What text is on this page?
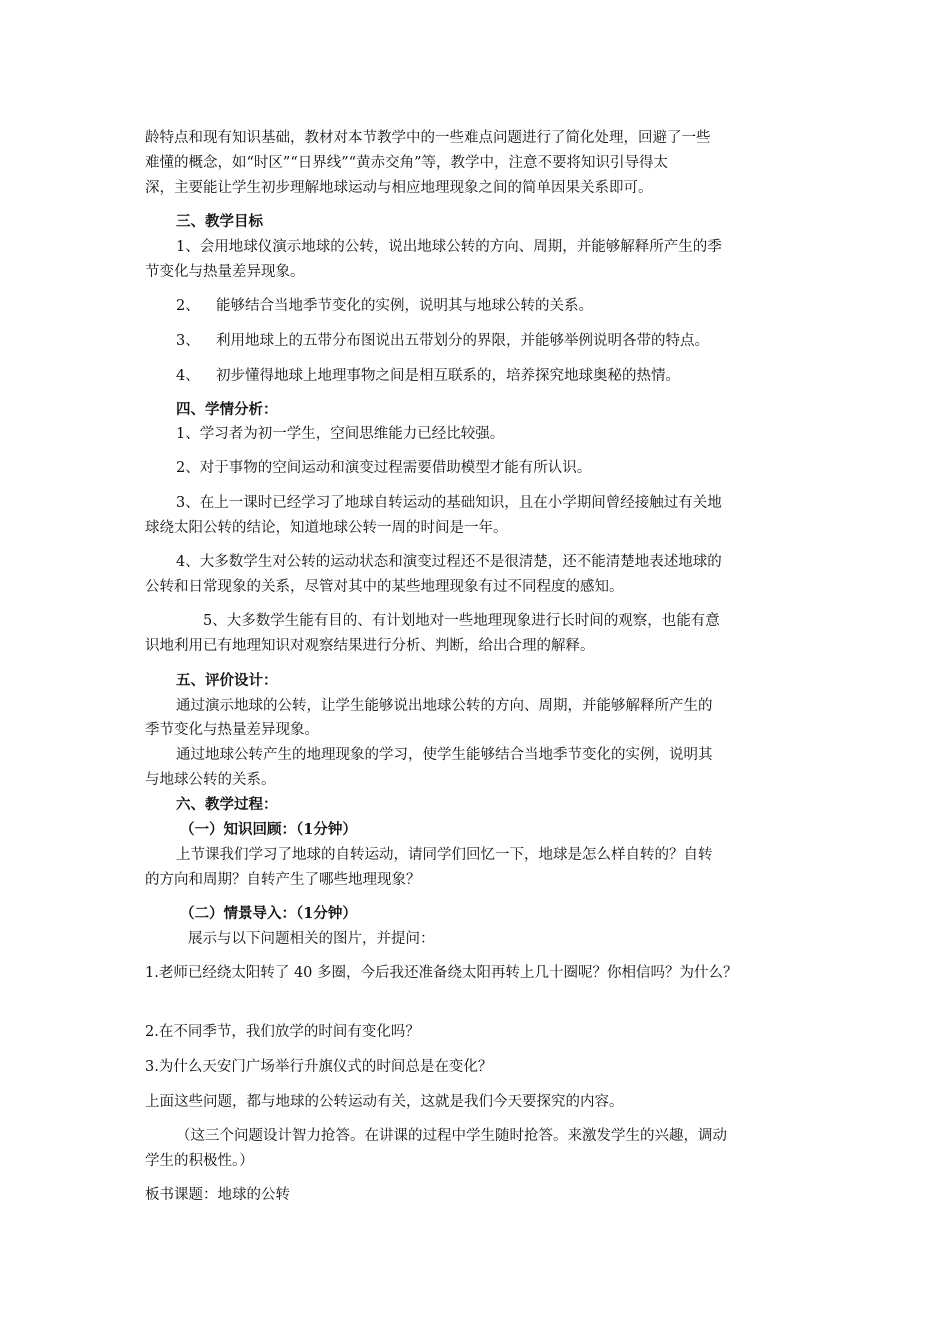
龄特点和现有知识基础，教材对本节教学中的一些难点问题进行了简化处理，回避了一些
难懂的概念，如“时区”“日界线”“黄赤交角”等，教学中，注意不要将知识引导得太
深，主要能让学生初步理解地球运动与相应地理现象之间的简单因果关系即可。
三、教学目标
1、会用地球仪演示地球的公转，说出地球公转的方向、周期，并能够解释所产生的季
节变化与热量差异现象。
2、 能够结合当地季节变化的实例，说明其与地球公转的关系。
3、 利用地球上的五带分布图说出五带划分的界限，并能够举例说明各带的特点。
4、 初步懂得地球上地理事物之间是相互联系的，培养探究地球奥秘的热情。
四、学情分析：
1、学习者为初一学生，空间思维能力已经比较强。
2、对于事物的空间运动和演变过程需要借助模型才能有所认识。
3、在上一课时已经学习了地球自转运动的基础知识，且在小学期间曾经接触过有关地
球绕太阳公转的结论，知道地球公转一周的时间是一年。
4、大多数学生对公转的运动状态和演变过程还不是很清楚，还不能清楚地表述地球的
公转和日常现象的关系，尽管对其中的某些地理现象有过不同程度的感知。
5、大多数学生能有目的、有计划地对一些地理现象进行长时间的观察，也能有意
识地利用已有地理知识对观察结果进行分析、判断，给出合理的解释。
五、评价设计：
通过演示地球的公转，让学生能够说出地球公转的方向、周期，并能够解释所产生的
季节变化与热量差异现象。
通过地球公转产生的地理现象的学习，使学生能够结合当地季节变化的实例，说明其
与地球公转的关系。
六、教学过程：
（一）知识回顾：（1分钟）
上节课我们学习了地球的自转运动，请同学们回忆一下，地球是怎么样自转的？自转
的方向和周期？自转产生了哪些地理现象？
（二）情景导入：（1分钟）
展示与以下问题相关的图片，并提问：
1.老师已经绕太阳转了 40 多圈，今后我还准备绕太阳再转上几十圈呢？你相信吗？为什么？
2.在不同季节，我们放学的时间有变化吗？
3.为什么天安门广场举行升旗仪式的时间总是在变化？
上面这些问题，都与地球的公转运动有关，这就是我们今天要探究的内容。
（这三个问题设计智力抢答。在讲课的过程中学生随时抢答。来激发学生的兴趣，调动
学生的积极性。）
板书课题：地球的公转
